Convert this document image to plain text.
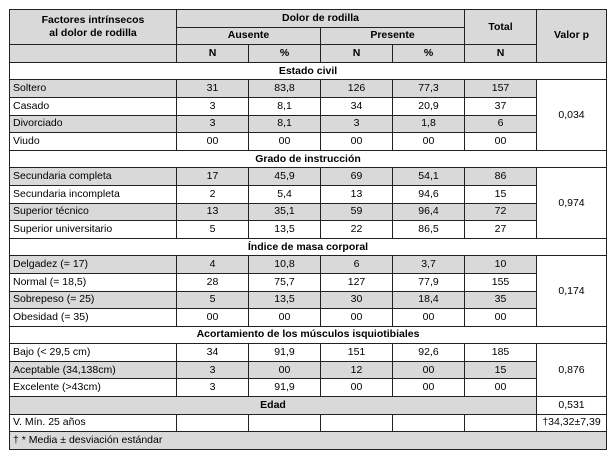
Factores intrínsecos
al dolor de rodilla	Dolor de rodilla				Total	Valor p
	Ausente		Presente			
	N	%	N	%	N	
Estado civil						
Soltero	31	83,8	126	77,3	157	0,034
Casado	3	8,1	34	20,9	37	
Divorciado	3	8,1	3	1,8	6	
Viudo	00	00	00	00	00	
Grado de instrucción						
Secundaria completa	17	45,9	69	54,1	86	0,974
Secundaria incompleta	2	5,4	13	94,6	15	
Superior técnico	13	35,1	59	96,4	72	
Superior universitario	5	13,5	22	86,5	27	
Índice de masa corporal						
Delgadez (= 17)	4	10,8	6	3,7	10	0,174
Normal (= 18,5)	28	75,7	127	77,9	155	
Sobrepeso (= 25)	5	13,5	30	18,4	35	
Obesidad (= 35)	00	00	00	00	00	
Acortamiento de los músculos isquiotibiales						
Bajo (< 29,5 cm)	34	91,9	151	92,6	185	0,876
Aceptable (34,138cm)	3	00	12	00	15	
Excelente (>43cm)	3	91,9	00	00	00	
Edad						0,531
V. Mín. 25 años						†34,32±7,39
† * Media ± desviación estándar						
